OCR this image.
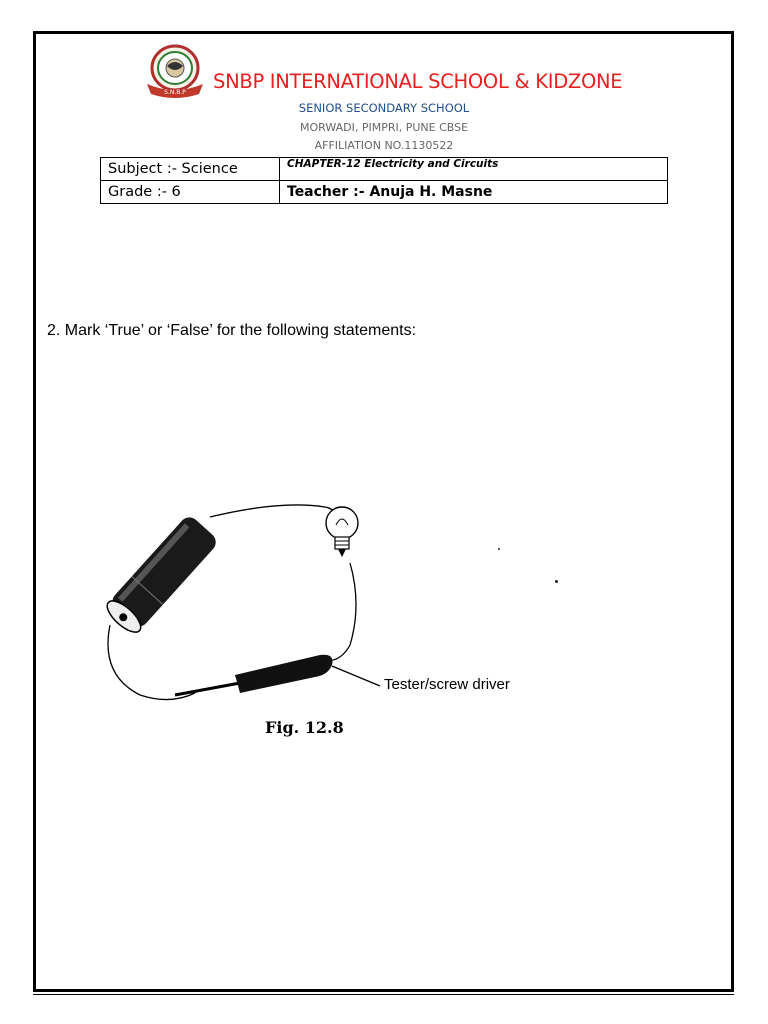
S.N.B.P SNBP INTERNATIONAL SCHOOL & KIDZONE
SENIOR SECONDARY SCHOOL
MORWADI, PIMPRI, PUNE CBSE
AFFILIATION NO.1130522
Subject :- Science	CHAPTER-12 Electricity and Circuits
Grade :- 6	Teacher :- Anuja H. Masne
2. Mark ‘True’ or ‘False’ for the following statements:
Tester/screw driver
Fig. 12.8
